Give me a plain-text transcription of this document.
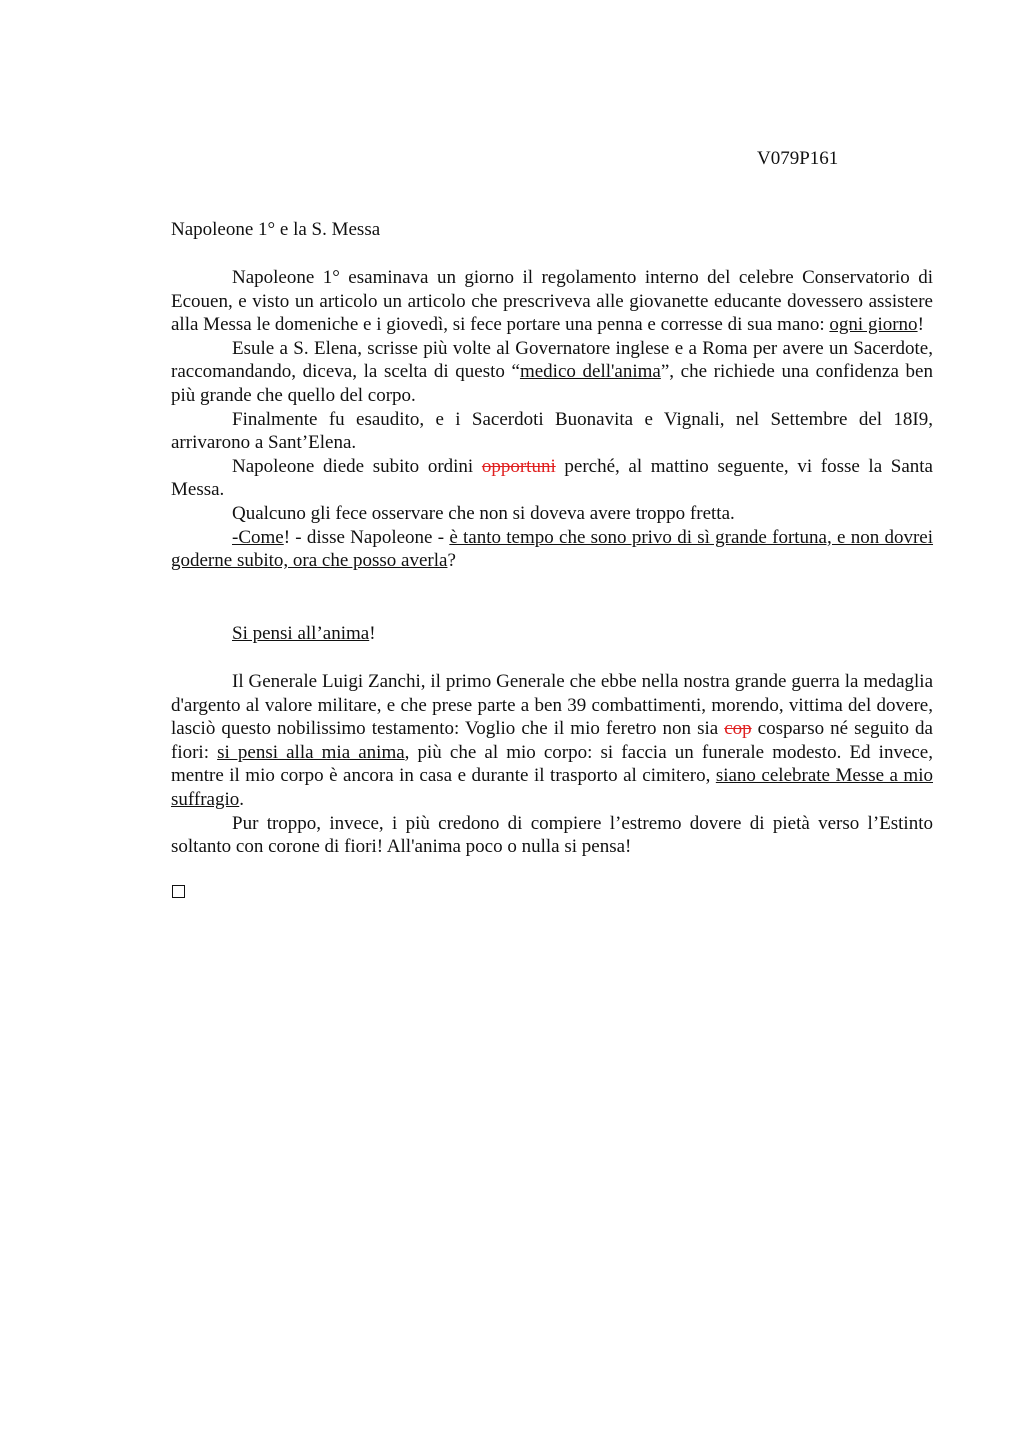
V079P161
Napoleone 1° e la S. Messa

Napoleone 1° esaminava un giorno il regolamento interno del celebre Conservatorio di Ecouen, e visto un articolo un articolo che prescriveva alle giovanette educante dovessero assistere alla Messa le domeniche e i giovedì, si fece portare una penna e corresse di sua mano: ogni giorno!

Esule a S. Elena, scrisse più volte al Governatore inglese e a Roma per avere un Sacerdote, raccomandando, diceva, la scelta di questo “medico dell'anima”, che richiede una confidenza ben più grande che quello del corpo.

Finalmente fu esaudito, e i Sacerdoti Buonavita e Vignali, nel Settembre del 18I9, arrivarono a Sant’Elena.

Napoleone diede subito ordini opportuni perché, al mattino seguente, vi fosse la Santa Messa.

Qualcuno gli fece osservare che non si doveva avere troppo fretta.

-Come! - disse Napoleone - è tanto tempo che sono privo di sì grande fortuna, e non dovrei goderne subito, ora che posso averla?

Si pensi all’anima!

Il Generale Luigi Zanchi, il primo Generale che ebbe nella nostra grande guerra la medaglia d'argento al valore militare, e che prese parte a ben 39 combattimenti, morendo, vittima del dovere, lasciò questo nobilissimo testamento: Voglio che il mio feretro non sia cop cosparso né seguito da fiori: si pensi alla mia anima, più che al mio corpo: si faccia un funerale modesto. Ed invece, mentre il mio corpo è ancora in casa e durante il trasporto al cimitero, siano celebrate Messe a mio suffragio.

Pur troppo, invece, i più credono di compiere l’estremo dovere di pietà verso l’Estinto soltanto con corone di fiori! All'anima poco o nulla si pensa!
